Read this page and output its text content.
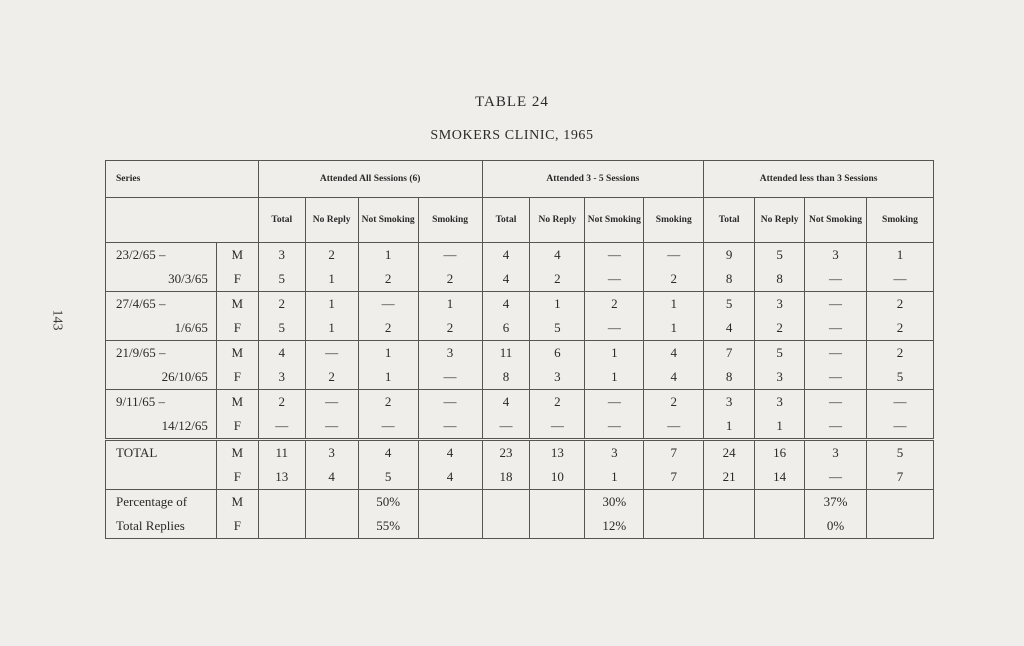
143
TABLE 24
SMOKERS CLINIC, 1965
Series		Attended All Sessions (6)				Attended 3 - 5 Sessions				Attended less than 3 Sessions			
		Total	No Reply	Not Smoking	Smoking	Total	No Reply	Not Smoking	Smoking	Total	No Reply	Not Smoking	Smoking
23/2/65 –	M	3	2	1	—	4	4	—	—	9	5	3	1
30/3/65	F	5	1	2	2	4	2	—	2	8	8	—	—
27/4/65 –	M	2	1	—	1	4	1	2	1	5	3	—	2
1/6/65	F	5	1	2	2	6	5	—	1	4	2	—	2
21/9/65 –	M	4	—	1	3	11	6	1	4	7	5	—	2
26/10/65	F	3	2	1	—	8	3	1	4	8	3	—	5
9/11/65 –	M	2	—	2	—	4	2	—	2	3	3	—	—
14/12/65	F	—	—	—	—	—	—	—	—	1	1	—	—
TOTAL	M	11	3	4	4	23	13	3	7	24	16	3	5
	F	13	4	5	4	18	10	1	7	21	14	—	7
Percentage of	M			50%				30%				37%	
Total Replies	F			55%				12%				0%	
